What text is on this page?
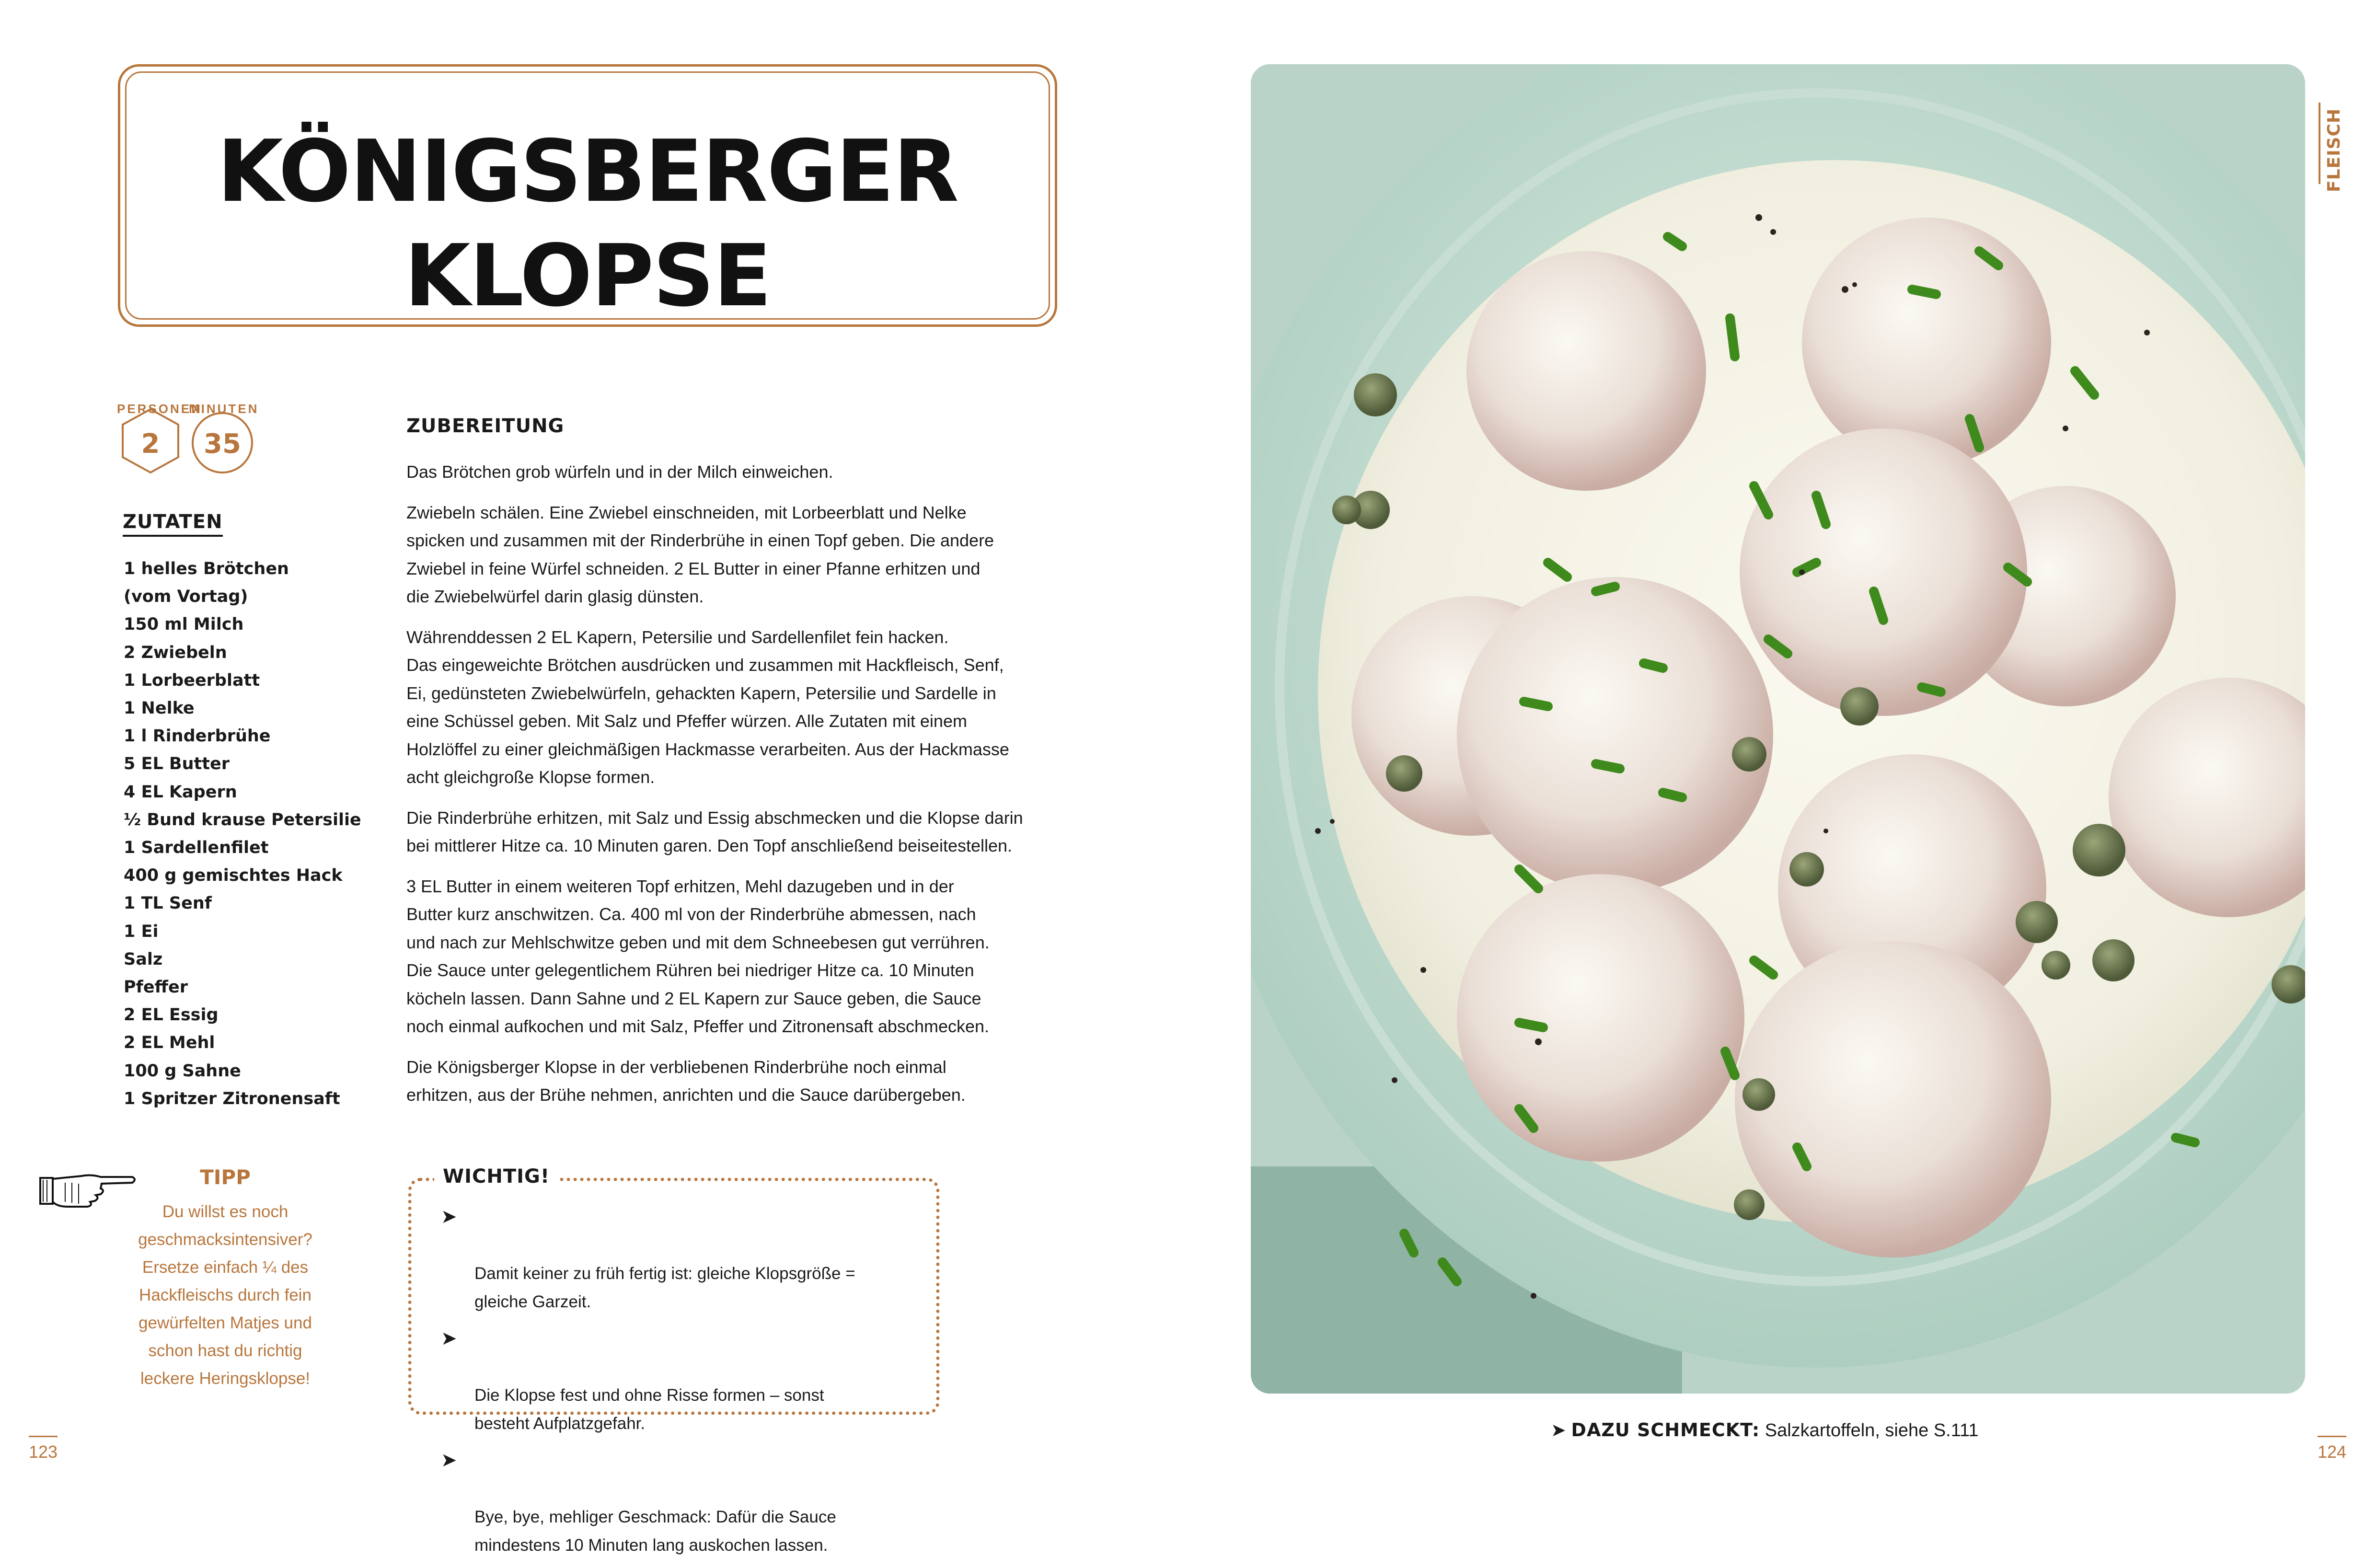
KÖNIGSBERGER
KLOPSE
PERSONEN
2
MINUTEN
35
ZUTATEN
1 helles Brötchen
(vom Vortag)
150 ml Milch
2 Zwiebeln
1 Lorbeerblatt
1 Nelke
1 l Rinderbrühe
5 EL Butter
4 EL Kapern
½ Bund krause Petersilie
1 Sardellenfilet
400 g gemischtes Hack
1 TL Senf
1 Ei
Salz
Pfeffer
2 EL Essig
2 EL Mehl
100 g Sahne
1 Spritzer Zitronensaft
ZUBEREITUNG

Das Brötchen grob würfeln und in der Milch einweichen.

Zwiebeln schälen. Eine Zwiebel einschneiden, mit Lorbeerblatt und Nelke
spicken und zusammen mit der Rinderbrühe in einen Topf geben. Die andere
Zwiebel in feine Würfel schneiden. 2 EL Butter in einer Pfanne erhitzen und
die Zwiebelwürfel darin glasig dünsten.

Währenddessen 2 EL Kapern, Petersilie und Sardellenfilet fein hacken.
Das eingeweichte Brötchen ausdrücken und zusammen mit Hackfleisch, Senf,
Ei, gedünsteten Zwiebelwürfeln, gehackten Kapern, Petersilie und Sardelle in
eine Schüssel geben. Mit Salz und Pfeffer würzen. Alle Zutaten mit einem
Holzlöffel zu einer gleichmäßigen Hackmasse verarbeiten. Aus der Hackmasse
acht gleichgroße Klopse formen.

Die Rinderbrühe erhitzen, mit Salz und Essig abschmecken und die Klopse darin
bei mittlerer Hitze ca. 10 Minuten garen. Den Topf anschließend beiseitestellen.

3 EL Butter in einem weiteren Topf erhitzen, Mehl dazugeben und in der
Butter kurz anschwitzen. Ca. 400 ml von der Rinderbrühe abmessen, nach
und nach zur Mehlschwitze geben und mit dem Schneebesen gut verrühren.
Die Sauce unter gelegentlichem Rühren bei niedriger Hitze ca. 10 Minuten
köcheln lassen. Dann Sahne und 2 EL Kapern zur Sauce geben, die Sauce
noch einmal aufkochen und mit Salz, Pfeffer und Zitronensaft abschmecken.

Die Königsberger Klopse in der verbliebenen Rinderbrühe noch einmal
erhitzen, aus der Brühe nehmen, anrichten und die Sauce darübergeben.

TIPP
Du willst es noch
geschmacksintensiver?
Ersetze einfach ¼ des
Hackfleischs durch fein
gewürfelten Matjes und
schon hast du richtig
leckere Heringsklopse!
WICHTIG!

➤

Damit keiner zu früh fertig ist: gleiche Klopsgröße =
gleiche Garzeit.

➤

Die Klopse fest und ohne Risse formen – sonst
besteht Aufplatzgefahr.

➤

Bye, bye, mehliger Geschmack: Dafür die Sauce
mindestens 10 Minuten lang auskochen lassen.

123	124
FLEISCH
➤ DAZU SCHMECKT: Salzkartoffeln, siehe S.111
